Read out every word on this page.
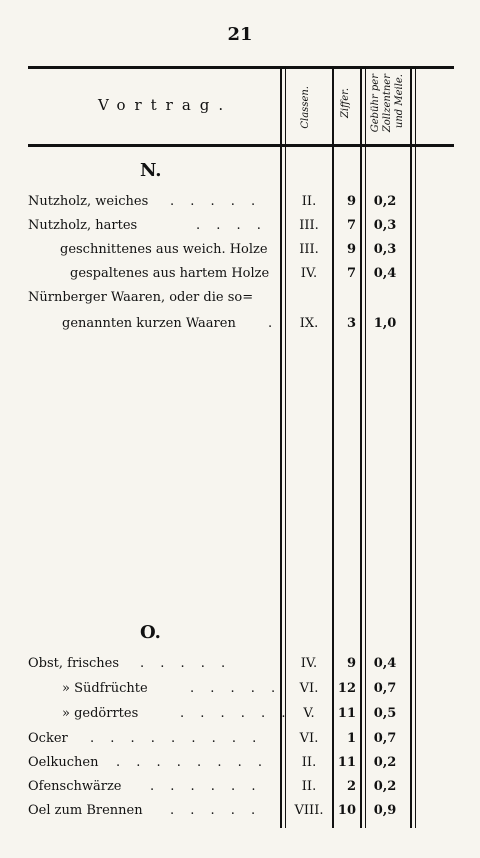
21
Vortrag.	Classen.	Ziffer. Gebühr per Zollzentner und Meile.
N.
Nutzholz, weiches . . . . .	II.	9	0,2
Nutzholz, hartes	. . . .	III.	7	0,3
geschnittenes aus weich. Holze	III.	9	0,3
gespaltenes aus hartem Holze	IV.	7	0,4
Nürnberger Waaren, oder die so=
genannten kurzen Waaren .	IX.	3	1,0
O.
Obst, frisches . . . . .	IV.	9	0,4
» Südfrüchte	. . . . .	VI.	12	0,7
» gedörrtes	. . . . . . V.	11	0,5
Ocker . . . . . . . . .	VI.	1	0,7
Oelkuchen . . . . . . . .	II.	11	0,2
Ofenschwärze . . . . . .	II.	2	0,2
Oel zum Brennen . . . . .	VIII.	10	0,9
